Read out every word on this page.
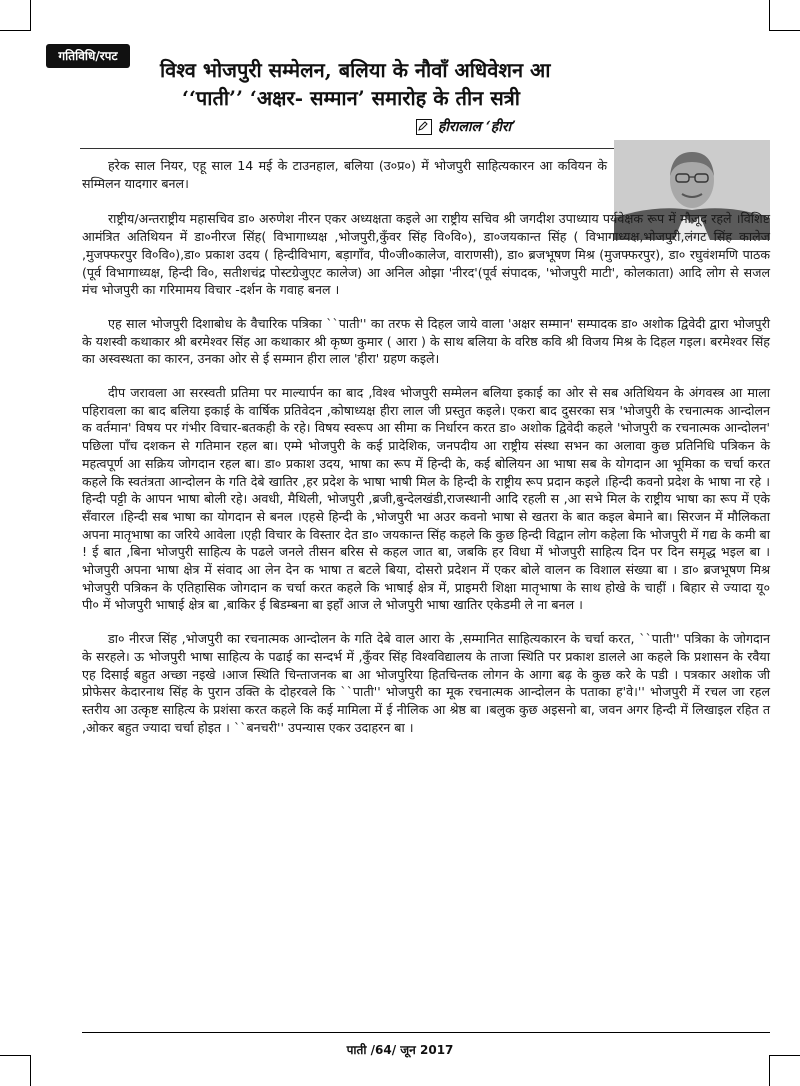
गतिविधि/रपट
विश्व भोजपुरी सम्मेलन, बलिया के नौवाँ अधिवेशन आ
‘‘पाती’’ ‘अक्षर- सम्मान’ समारोह के तीन सत्री
हीरालाल ‘हीरा’

हरेक साल नियर, एहू साल 14 मई के टाउनहाल, बलिया (उ०प्र०) में भोजपुरी साहित्यकारन आ कवियन के सम्मिलन यादगार बनल।

राष्ट्रीय/अन्तराष्ट्रीय महासचिव डा० अरुणेश नीरन एकर अध्यक्षता कइले आ राष्ट्रीय सचिव श्री जगदीश उपाध्याय पर्यवेक्षक रूप में मौजूद रहले ।विशिष्ट आमंत्रित अतिथियन में डा०नीरज सिंह( विभागाध्यक्ष ,भोजपुरी,कुँवर सिंह वि०वि०), डा०जयकान्त सिंह ( विभागाध्यक्ष,भोजपुरी,लंगट सिंह कालेज ,मुजफ्फरपुर वि०वि०),डा० प्रकाश उदय ( हिन्दीविभाग, बड़ागाँव, पी०जी०कालेज, वाराणसी), डा० ब्रजभूषण मिश्र (मुजफ्फरपुर), डा० रघुवंशमणि पाठक (पूर्व विभागाध्यक्ष, हिन्दी वि०, सतीशचंद्र पोस्टग्रेजुएट कालेज) आ अनिल ओझा 'नीरद'(पूर्व संपादक, 'भोजपुरी माटी', कोलकाता) आदि लोग से सजल मंच भोजपुरी का गरिमामय विचार -दर्शन के गवाह बनल ।

एह साल भोजपुरी दिशाबोध के वैचारिक पत्रिका ``पाती'' का तरफ से दिहल जाये वाला 'अक्षर सम्मान' सम्पादक डा० अशोक द्विवेदी द्वारा भोजपुरी के यशस्वी कथाकार श्री बरमेश्वर सिंह आ कथाकार श्री कृष्ण कुमार ( आरा ) के साथ बलिया के वरिष्ठ कवि श्री विजय मिश्र के दिहल गइल। बरमेश्वर सिंह का अस्वस्थता का कारन, उनका ओर से ई सम्मान हीरा लाल 'हीरा' ग्रहण कइले।

दीप जरावला आ सरस्वती प्रतिमा पर माल्यार्पन का बाद ,विश्व भोजपुरी सम्मेलन बलिया इकाई का ओर से सब अतिथियन के अंगवस्त्र आ माला पहिरावला का बाद बलिया इकाई के वार्षिक प्रतिवेदन ,कोषाध्यक्ष हीरा लाल जी प्रस्तुत कइले। एकरा बाद दुसरका सत्र 'भोजपुरी के रचनात्मक आन्दोलन क वर्तमान' विषय पर गंभीर विचार-बतकही के रहे। विषय स्वरूप आ सीमा क निर्धारन करत डा० अशोक द्विवेदी कहले 'भोजपुरी क रचनात्मक आन्दोलन' पछिला पाँच दशकन से गतिमान रहल बा। एम्मे भोजपुरी के कई प्रादेशिक, जनपदीय आ राष्ट्रीय संस्था सभन का अलावा कुछ प्रतिनिधि पत्रिकन के महत्वपूर्ण आ सक्रिय जोगदान रहल बा। डा० प्रकाश उदय, भाषा का रूप में हिन्दी के, कई बोलियन आ भाषा सब के योगदान आ भूमिका क चर्चा करत कहले कि स्वतंत्रता आन्दोलन के गति देबे खातिर ,हर प्रदेश के भाषा भाषी मिल के हिन्दी के राष्ट्रीय रूप प्रदान कइले ।हिन्दी कवनो प्रदेश के भाषा ना रहे ।हिन्दी पट्टी के आपन भाषा बोली रहे। अवधी, मैथिली, भोजपुरी ,ब्रजी,बुन्देलखंडी,राजस्थानी आदि रहली स ,आ सभे मिल के राष्ट्रीय भाषा का रूप में एके सँवारल ।हिन्दी सब भाषा का योगदान से बनल ।एहसे हिन्दी के ,भोजपुरी भा अउर कवनो भाषा से खतरा के बात कइल बेमाने बा। सिरजन में मौलिकता अपना मातृभाषा का जरिये आवेला ।एही विचार के विस्तार देत डा० जयकान्त सिंह कहले कि कुछ हिन्दी विद्वान लोग कहेला कि भोजपुरी में गद्य के कमी बा ! ई बात ,बिना भोजपुरी साहित्य के पढले जनले तीसन बरिस से कहल जात बा, जबकि हर विधा में भोजपुरी साहित्य दिन पर दिन समृद्ध भइल बा । भोजपुरी अपना भाषा क्षेत्र में संवाद आ लेन देन क भाषा त बटले बिया, दोसरो प्रदेशन में एकर बोले वालन क विशाल संख्या बा । डा० ब्रजभूषण मिश्र भोजपुरी पत्रिकन के एतिहासिक जोगदान क चर्चा करत कहले कि भाषाई क्षेत्र में, प्राइमरी शिक्षा मातृभाषा के साथ होखे के चाहीं । बिहार से ज्यादा यू० पी० में भोजपुरी भाषाई क्षेत्र बा ,बाकिर ई बिडम्बना बा इहाँ आज ले भोजपुरी भाषा खातिर एकेडमी ले ना बनल ।

डा० नीरज सिंह ,भोजपुरी का रचनात्मक आन्दोलन के गति देबे वाल आरा के ,सम्मानित साहित्यकारन के चर्चा करत, ``पाती'' पत्रिका के जोगदान के सरहले। ऊ भोजपुरी भाषा साहित्य के पढाई का सन्दर्भ में ,कुँवर सिंह विश्वविद्यालय के ताजा स्थिति पर प्रकाश डालले आ कहले कि प्रशासन के रवैया एह दिसाई बहुत अच्छा नइखे ।आज स्थिति चिन्ताजनक बा आ भोजपुरिया हितचिन्तक लोगन के आगा बढ़ के कुछ करे के पडी । पत्रकार अशोक जी प्रोफेसर केदारनाथ सिंह के पुरान उक्ति के दोहरवले कि ``पाती'' भोजपुरी का मूक रचनात्मक आन्दोलन के पताका ह'वे।'' भोजपुरी में रचल जा रहल स्तरीय आ उत्कृष्ट साहित्य के प्रशंसा करत कहले कि कई मामिला में ई नीलिक आ श्रेष्ठ बा ।बलुक कुछ अइसनो बा, जवन अगर हिन्दी में लिखाइल रहित त ,ओकर बहुत ज्यादा चर्चा होइत । ``बनचरी'' उपन्यास एकर उदाहरन बा ।

पाती /64/ जून 2017
